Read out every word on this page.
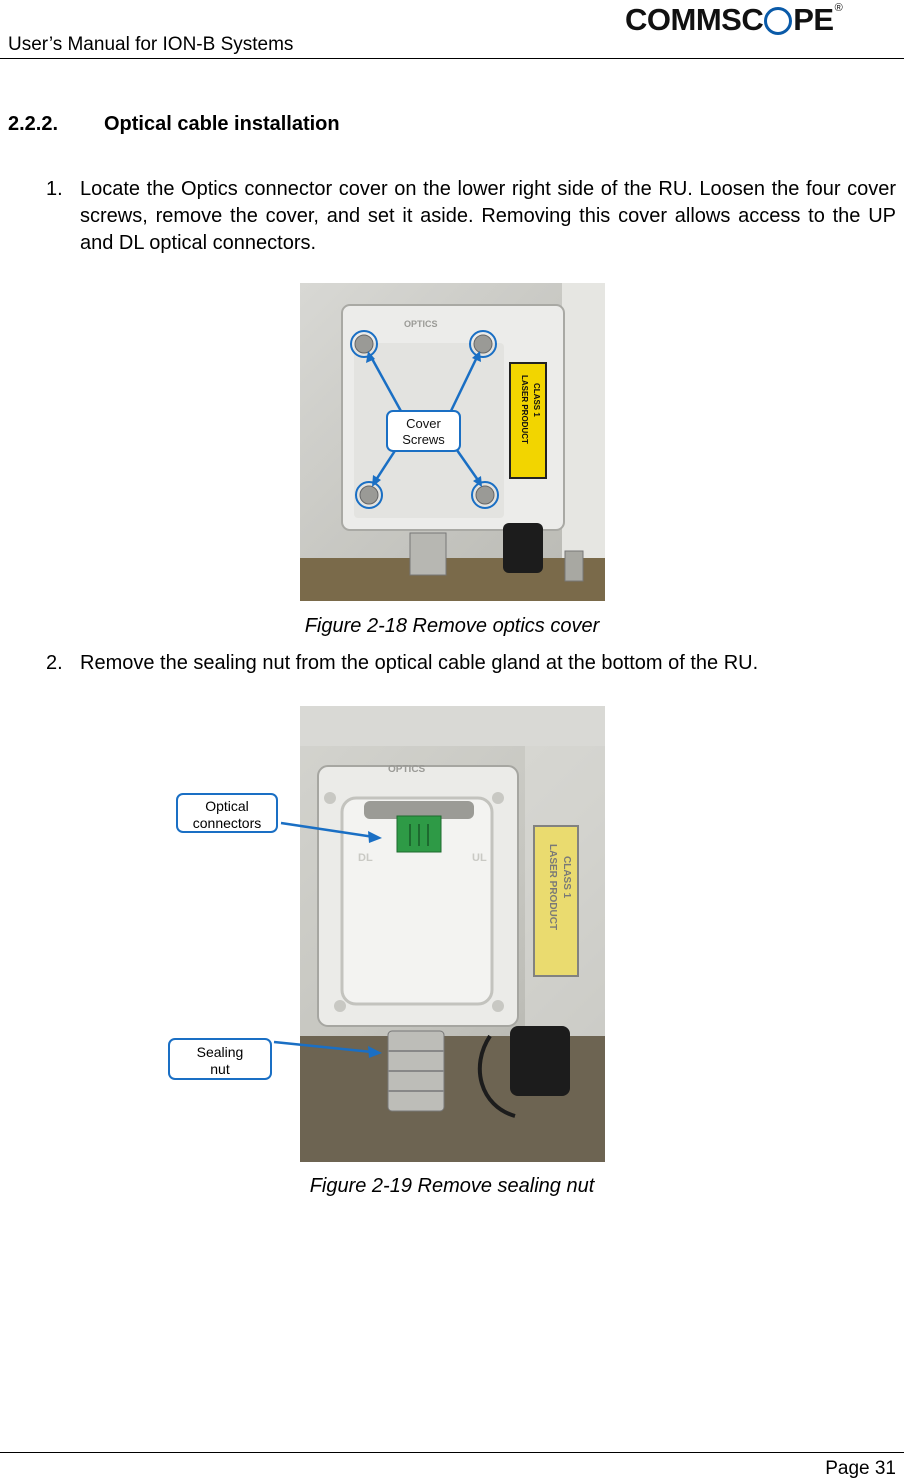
User’s Manual for ION-B Systems
COMMSC PE ®
2.2.2. Optical cable installation
1. Locate the Optics connector cover on the lower right side of the RU. Loosen the four cover screws, remove the cover, and set it aside. Removing this cover allows access to the UP and DL optical connectors.
OPTICS
CLASS 1
LASER PRODUCT
Cover
Screws
Figure 2-18 Remove optics cover
2. Remove the sealing nut from the optical cable gland at the bottom of the RU.
OPTICS
DL	UL
Optical
connectors
Sealing
nut
Figure 2-19 Remove sealing nut
Page 31
